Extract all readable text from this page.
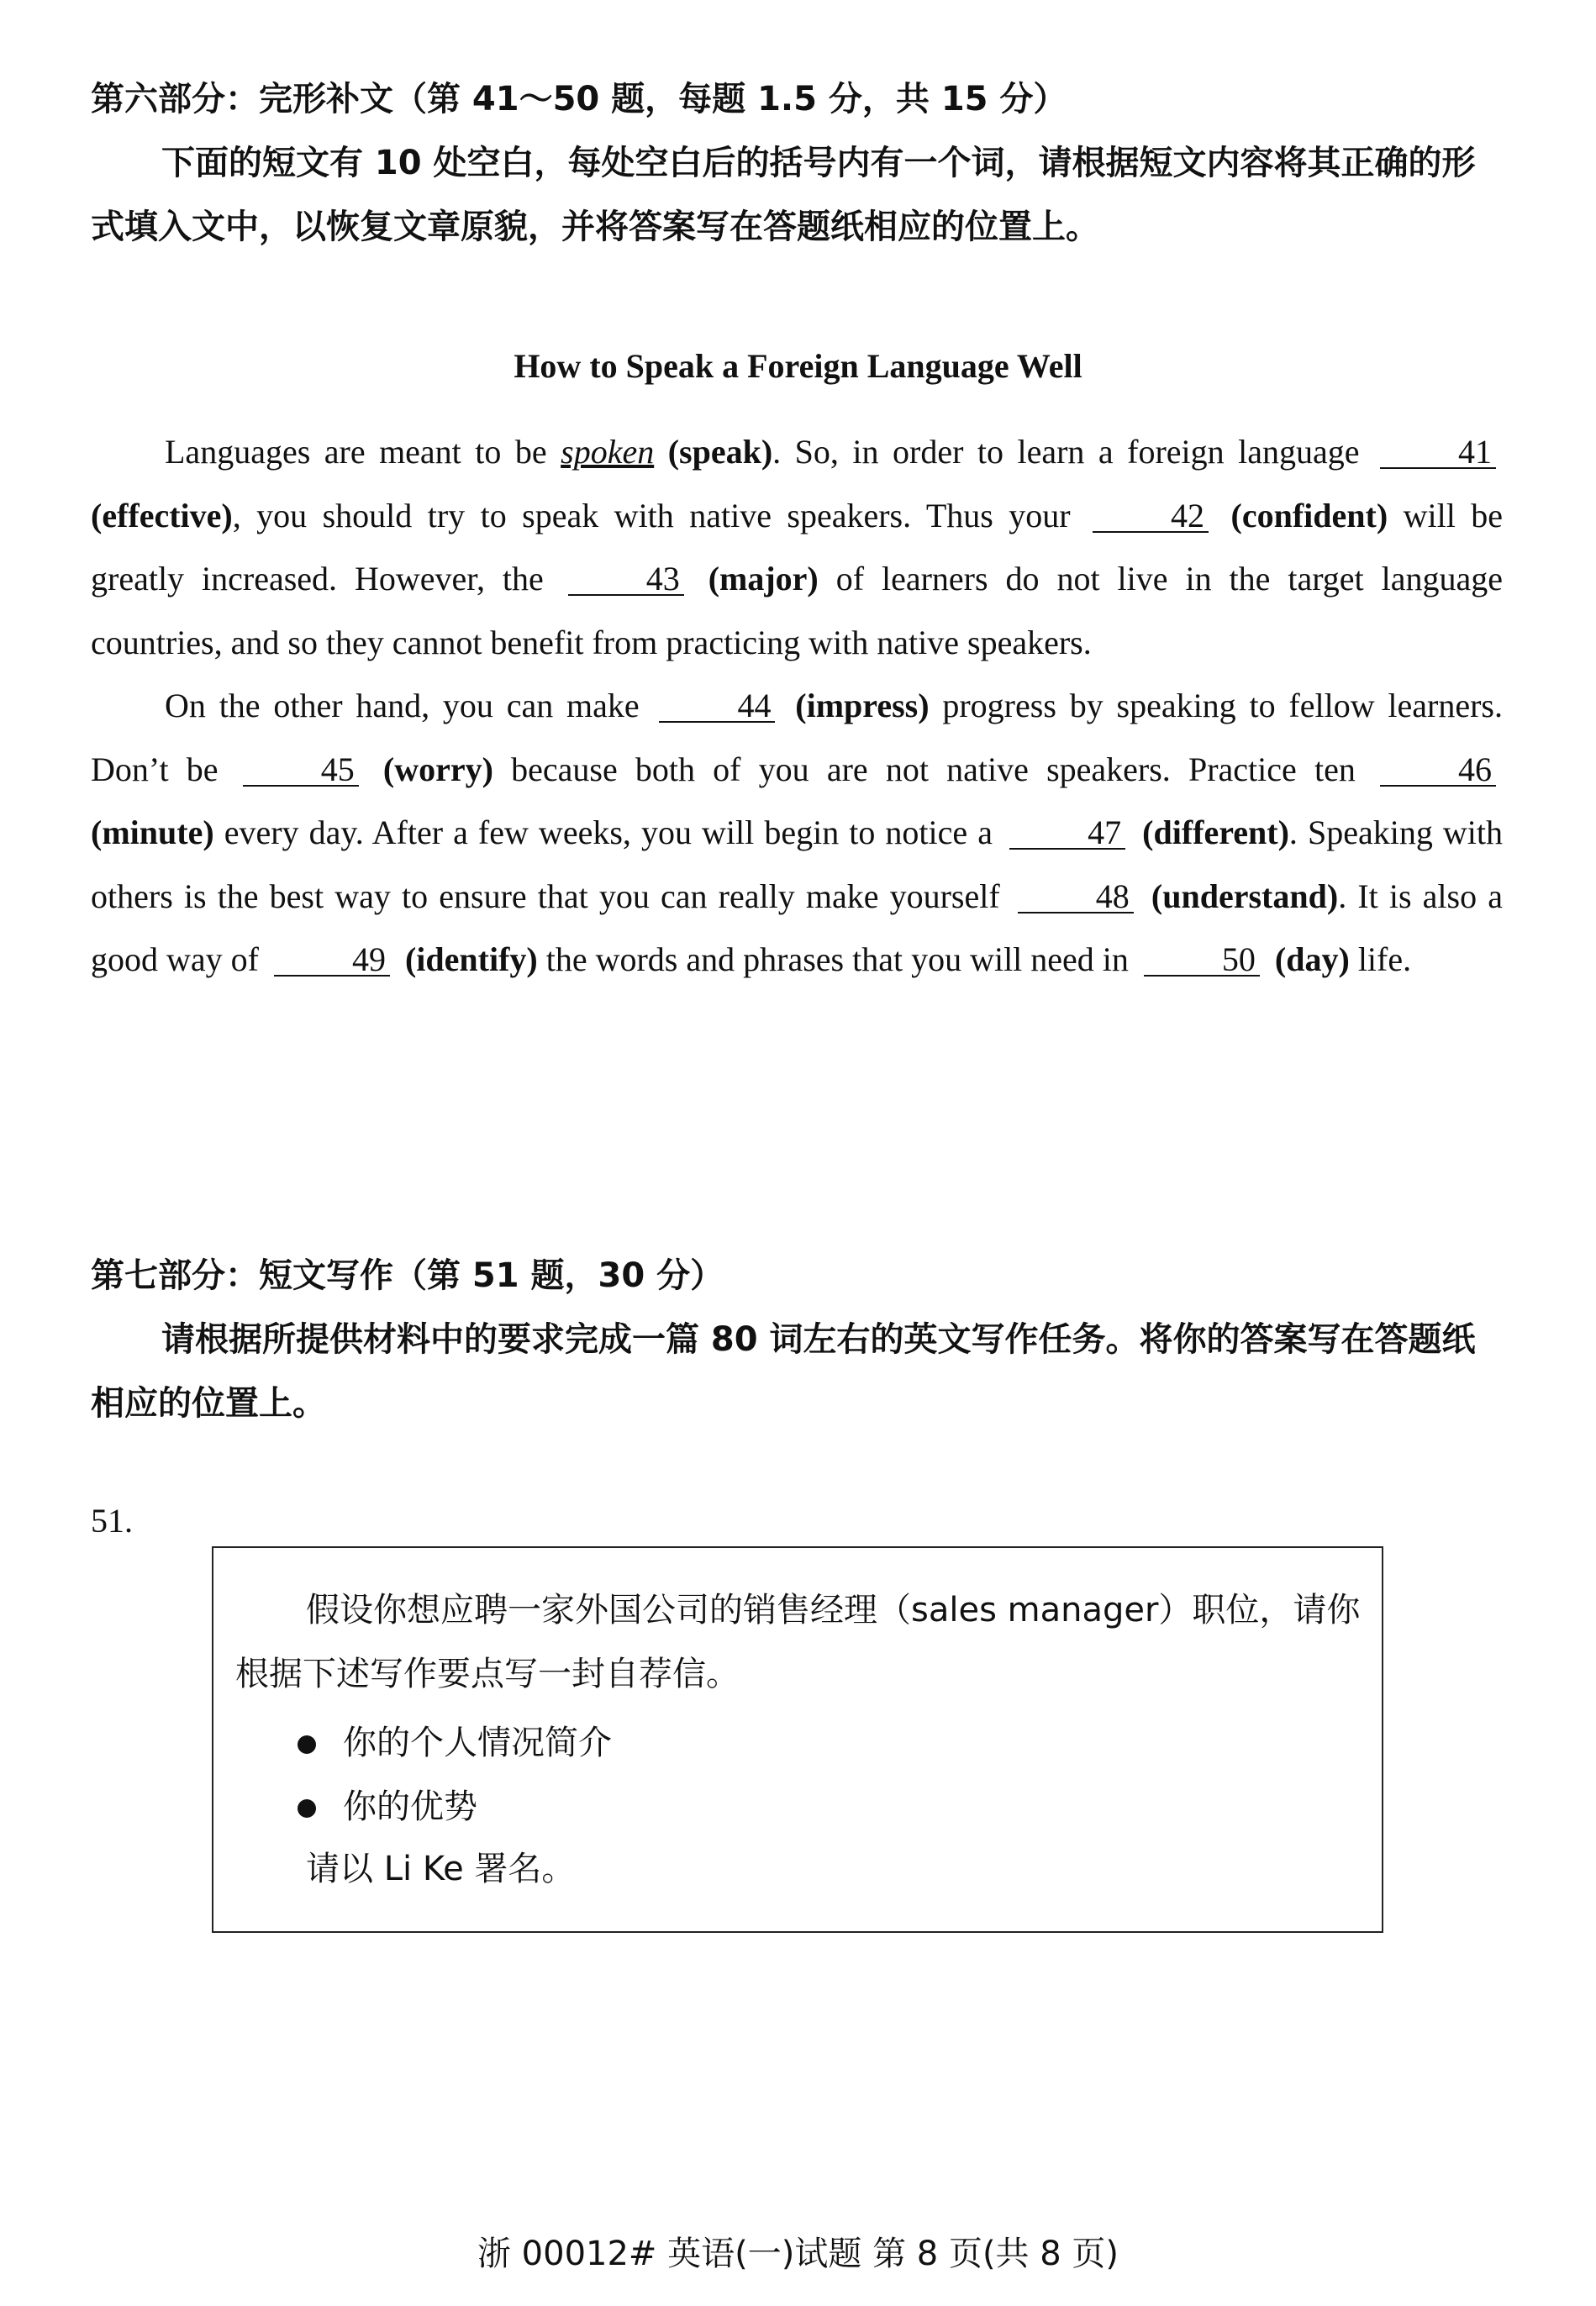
第六部分：完形补文（第 41～50 题，每题 1.5 分，共 15 分）
下面的短文有 10 处空白，每处空白后的括号内有一个词，请根据短文内容将其正确的形式填入文中，以恢复文章原貌，并将答案写在答题纸相应的位置上。
How to Speak a Foreign Language Well

Languages are meant to be spoken (speak). So, in order to learn a foreign language	41 (effective), you should try to speak with native speakers. Thus your	42 (confident) will be greatly increased. However, the	43 (major) of learners do not live in the target language countries, and so they cannot benefit from practicing with native speakers.

On the other hand, you can make	44 (impress) progress by speaking to fellow learners. Don’t be	45 (worry) because both of you are not native speakers. Practice ten	46 (minute) every day. After a few weeks, you will begin to notice a	47 (different). Speaking with others is the best way to ensure that you can really make yourself	48 (understand). It is also a good way of	49 (identify) the words and phrases that you will need in	50 (day) life.

第七部分：短文写作（第 51 题，30 分）
请根据所提供材料中的要求完成一篇 80 词左右的英文写作任务。将你的答案写在答题纸相应的位置上。
51.
假设你想应聘一家外国公司的销售经理（sales manager）职位，请你根据下述写作要点写一封自荐信。
你的个人情况简介
你的优势
请以 Li Ke 署名。
浙 00012# 英语(一)试题 第 8 页(共 8 页)
